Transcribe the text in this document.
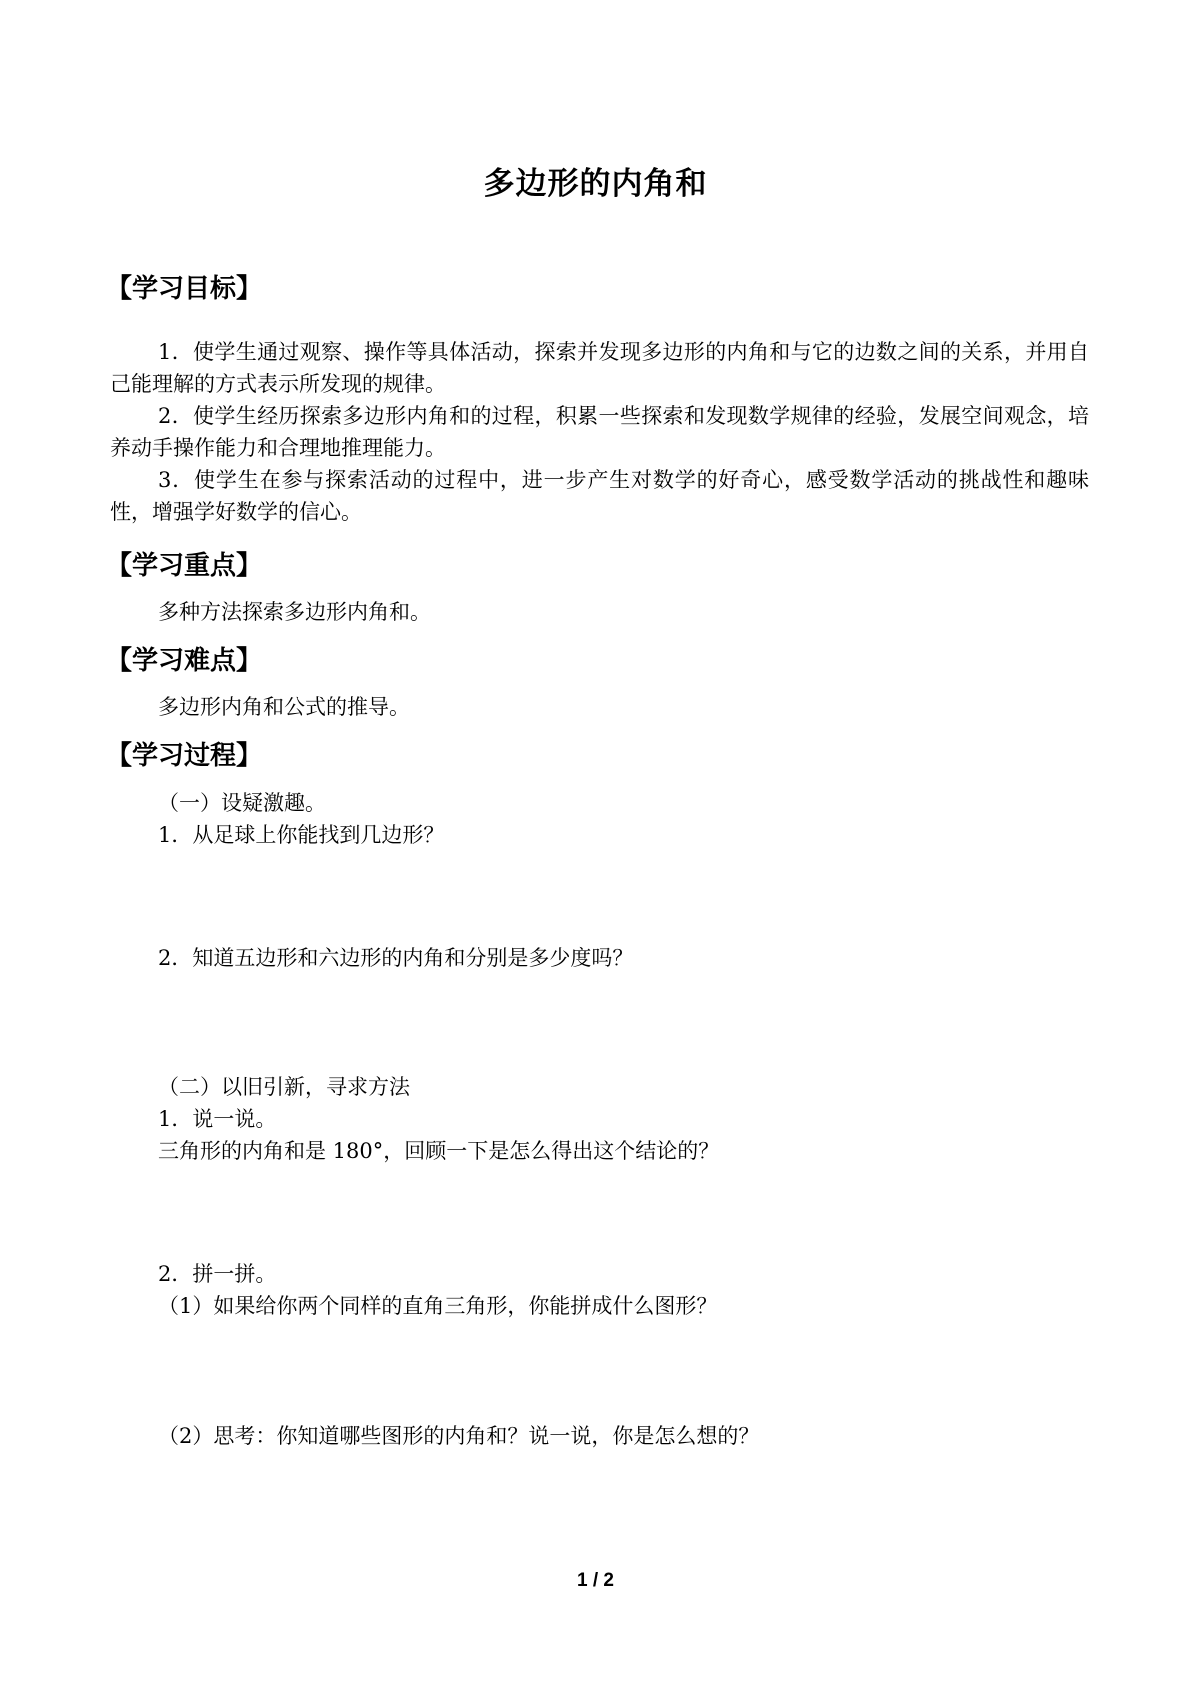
多边形的内角和
【学习目标】
1．使学生通过观察、操作等具体活动，探索并发现多边形的内角和与它的边数之间的关系，并用自己能理解的方式表示所发现的规律。
2．使学生经历探索多边形内角和的过程，积累一些探索和发现数学规律的经验，发展空间观念，培养动手操作能力和合理地推理能力。
3．使学生在参与探索活动的过程中，进一步产生对数学的好奇心，感受数学活动的挑战性和趣味性，增强学好数学的信心。
【学习重点】
多种方法探索多边形内角和。
【学习难点】
多边形内角和公式的推导。
【学习过程】
（一）设疑激趣。
1．从足球上你能找到几边形？
2．知道五边形和六边形的内角和分别是多少度吗？
（二）以旧引新，寻求方法
1．说一说。
三角形的内角和是 180°，回顾一下是怎么得出这个结论的？
2．拼一拼。
（1）如果给你两个同样的直角三角形，你能拼成什么图形？
（2）思考：你知道哪些图形的内角和？说一说，你是怎么想的？
1 / 2
